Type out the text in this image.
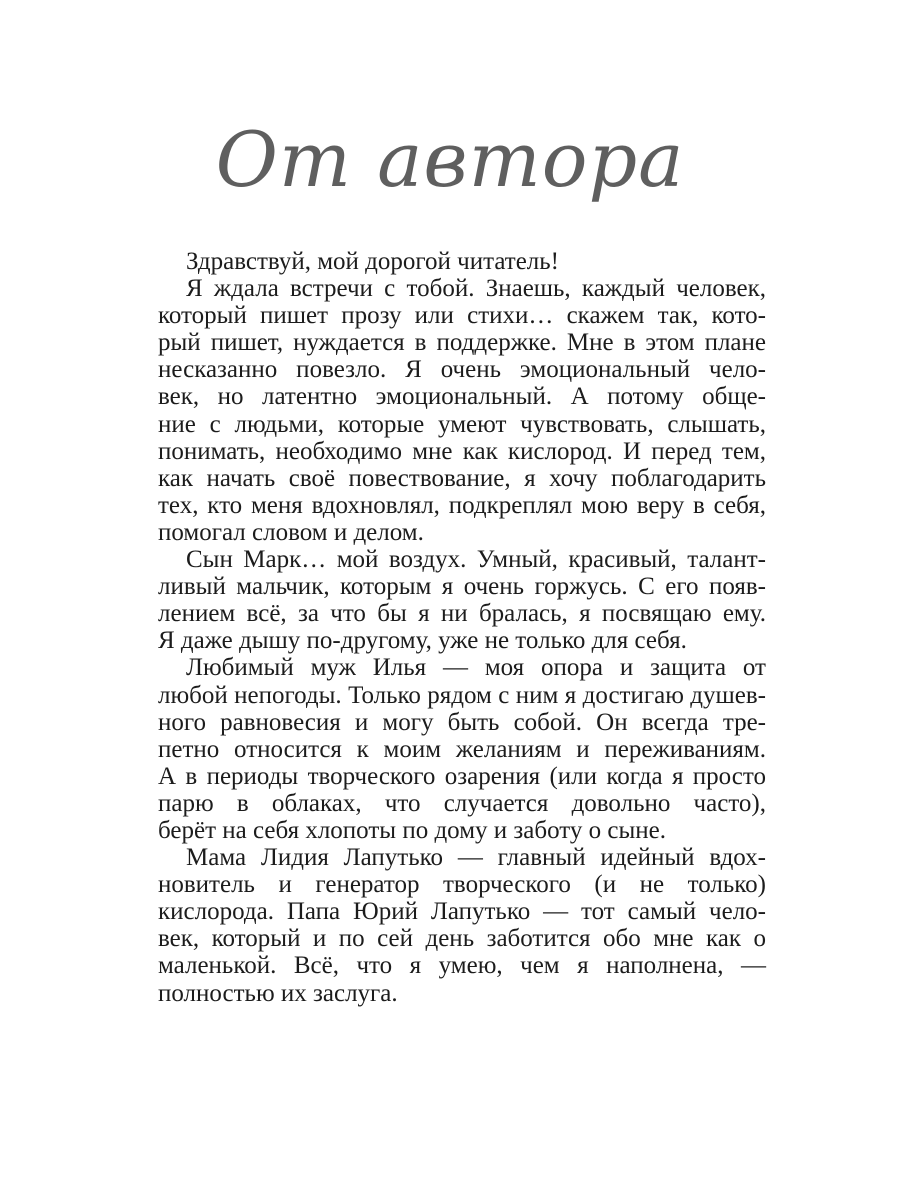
От автора
Здравствуй, мой дорогой читатель!
Я ждала встречи с тобой. Знаешь, каждый человек,
который пишет прозу или стихи… скажем так, кото-
рый пишет, нуждается в поддержке. Мне в этом плане
несказанно повезло. Я очень эмоциональный чело-
век, но латентно эмоциональный. А потому обще-
ние с людьми, которые умеют чувствовать, слышать,
понимать, необходимо мне как кислород. И перед тем,
как начать своё повествование, я хочу поблагодарить
тех, кто меня вдохновлял, подкреплял мою веру в себя,
помогал словом и делом.
Сын Марк… мой воздух. Умный, красивый, талант-
ливый мальчик, которым я очень горжусь. С его появ-
лением всё, за что бы я ни бралась, я посвящаю ему.
Я даже дышу по-другому, уже не только для себя.
Любимый муж Илья — моя опора и защита от
любой непогоды. Только рядом с ним я достигаю душев-
ного равновесия и могу быть собой. Он всегда тре-
петно относится к моим желаниям и переживаниям.
А в периоды творческого озарения (или когда я просто
парю в облаках, что случается довольно часто),
берёт на себя хлопоты по дому и заботу о сыне.
Мама Лидия Лапутько — главный идейный вдох-
новитель и генератор творческого (и не только)
кислорода. Папа Юрий Лапутько — тот самый чело-
век, который и по сей день заботится обо мне как о
маленькой. Всё, что я умею, чем я наполнена, —
полностью их заслуга.
